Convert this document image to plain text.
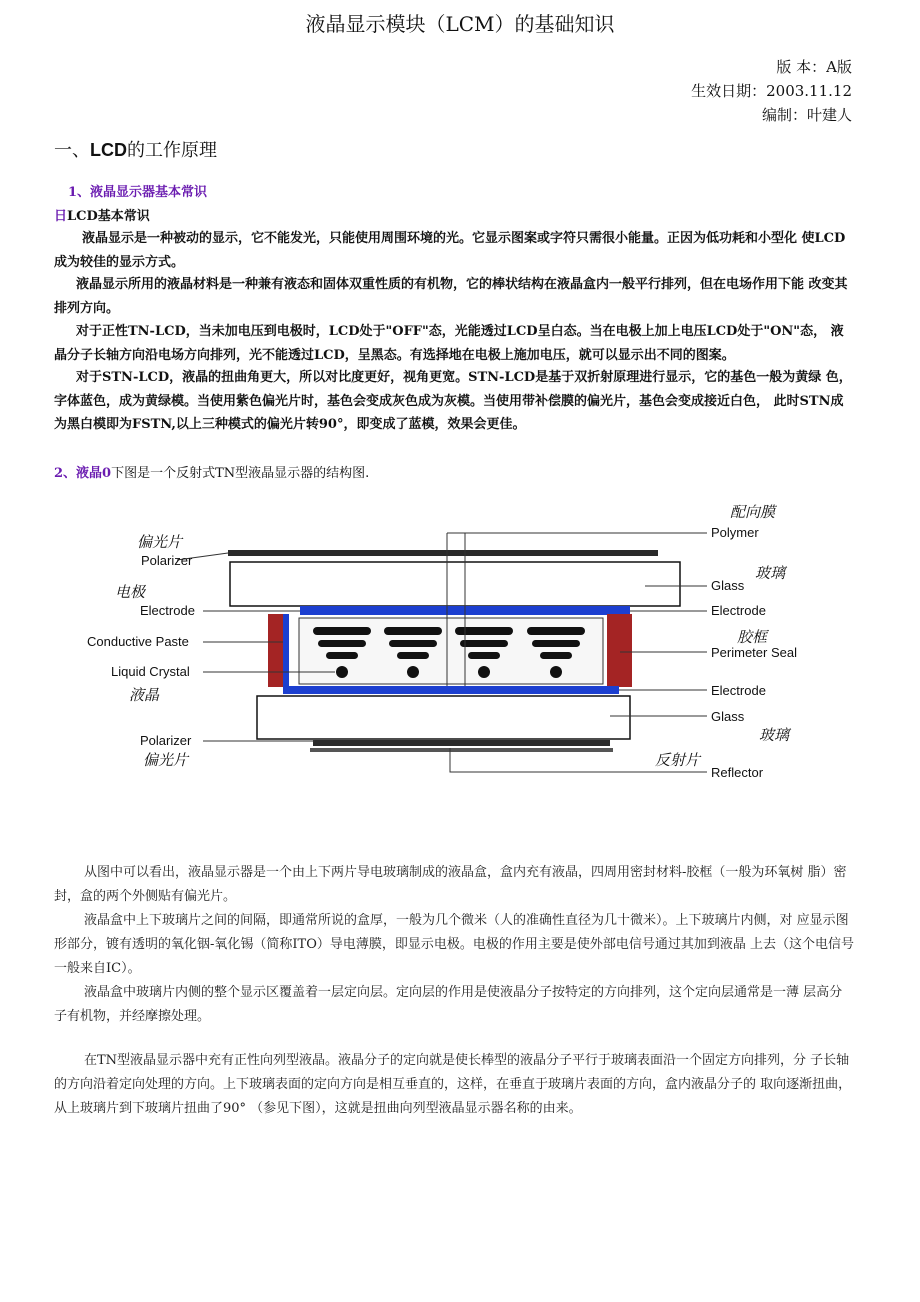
液晶显示模块（LCM）的基础知识
版 本：A版
生效日期：2003.11.12
编制：叶建人
一、LCD的工作原理
1、液晶显示器基本常识
日LCD基本常识

液晶显示是一种被动的显示，它不能发光，只能使用周围环境的光。它显示图案或字符只需很小能量。正因为低功耗和小型化 使LCD成为较佳的显示方式。

液晶显示所用的液晶材料是一种兼有液态和固体双重性质的有机物，它的棒状结构在液晶盒内一般平行排列，但在电场作用下能 改变其排列方向。

对于正性TN-LCD，当未加电压到电极时，LCD处于"OFF"态，光能透过LCD呈白态。当在电极上加上电压LCD处于"ON"态， 液晶分子长轴方向沿电场方向排列，光不能透过LCD，呈黑态。有选择地在电极上施加电压，就可以显示出不同的图案。

对于STN-LCD，液晶的扭曲角更大，所以对比度更好，视角更宽。STN-LCD是基于双折射原理进行显示，它的基色一般为黄绿 色，字体蓝色，成为黄绿模。当使用紫色偏光片时，基色会变成灰色成为灰模。当使用带补偿膜的偏光片，基色会变成接近白色， 此时STN成为黑白模即为FSTN,以上三种模式的偏光片转90°，即变成了蓝模，效果会更佳。

2、液晶0下图是一个反射式TN型液晶显示器的结构图.
偏光片
Polarizer
电极
Electrode
Conductive Paste
Liquid Crystal
液晶
Polarizer
偏光片
配向膜
Polymer
Glass
玻璃
Electrode
胶框
Perimeter Seal
Electrode
Glass
玻璃
反射片
Reflector

从图中可以看出，液晶显示器是一个由上下两片导电玻璃制成的液晶盒，盒内充有液晶，四周用密封材料-胶框（一般为环氧树 脂）密封，盒的两个外侧贴有偏光片。

液晶盒中上下玻璃片之间的间隔，即通常所说的盒厚，一般为几个微米（人的准确性直径为几十微米）。上下玻璃片内侧，对 应显示图形部分，镀有透明的氧化铟-氧化锡（简称ITO）导电薄膜，即显示电极。电极的作用主要是使外部电信号通过其加到液晶 上去（这个电信号一般来自IC）。

液晶盒中玻璃片内侧的整个显示区覆盖着一层定向层。定向层的作用是使液晶分子按特定的方向排列，这个定向层通常是一薄 层高分子有机物，并经摩擦处理。

在TN型液晶显示器中充有正性向列型液晶。液晶分子的定向就是使长棒型的液晶分子平行于玻璃表面沿一个固定方向排列，分 子长轴的方向沿着定向处理的方向。上下玻璃表面的定向方向是相互垂直的，这样，在垂直于玻璃片表面的方向，盒内液晶分子的 取向逐渐扭曲，从上玻璃片到下玻璃片扭曲了90° （参见下图），这就是扭曲向列型液晶显示器名称的由来。
